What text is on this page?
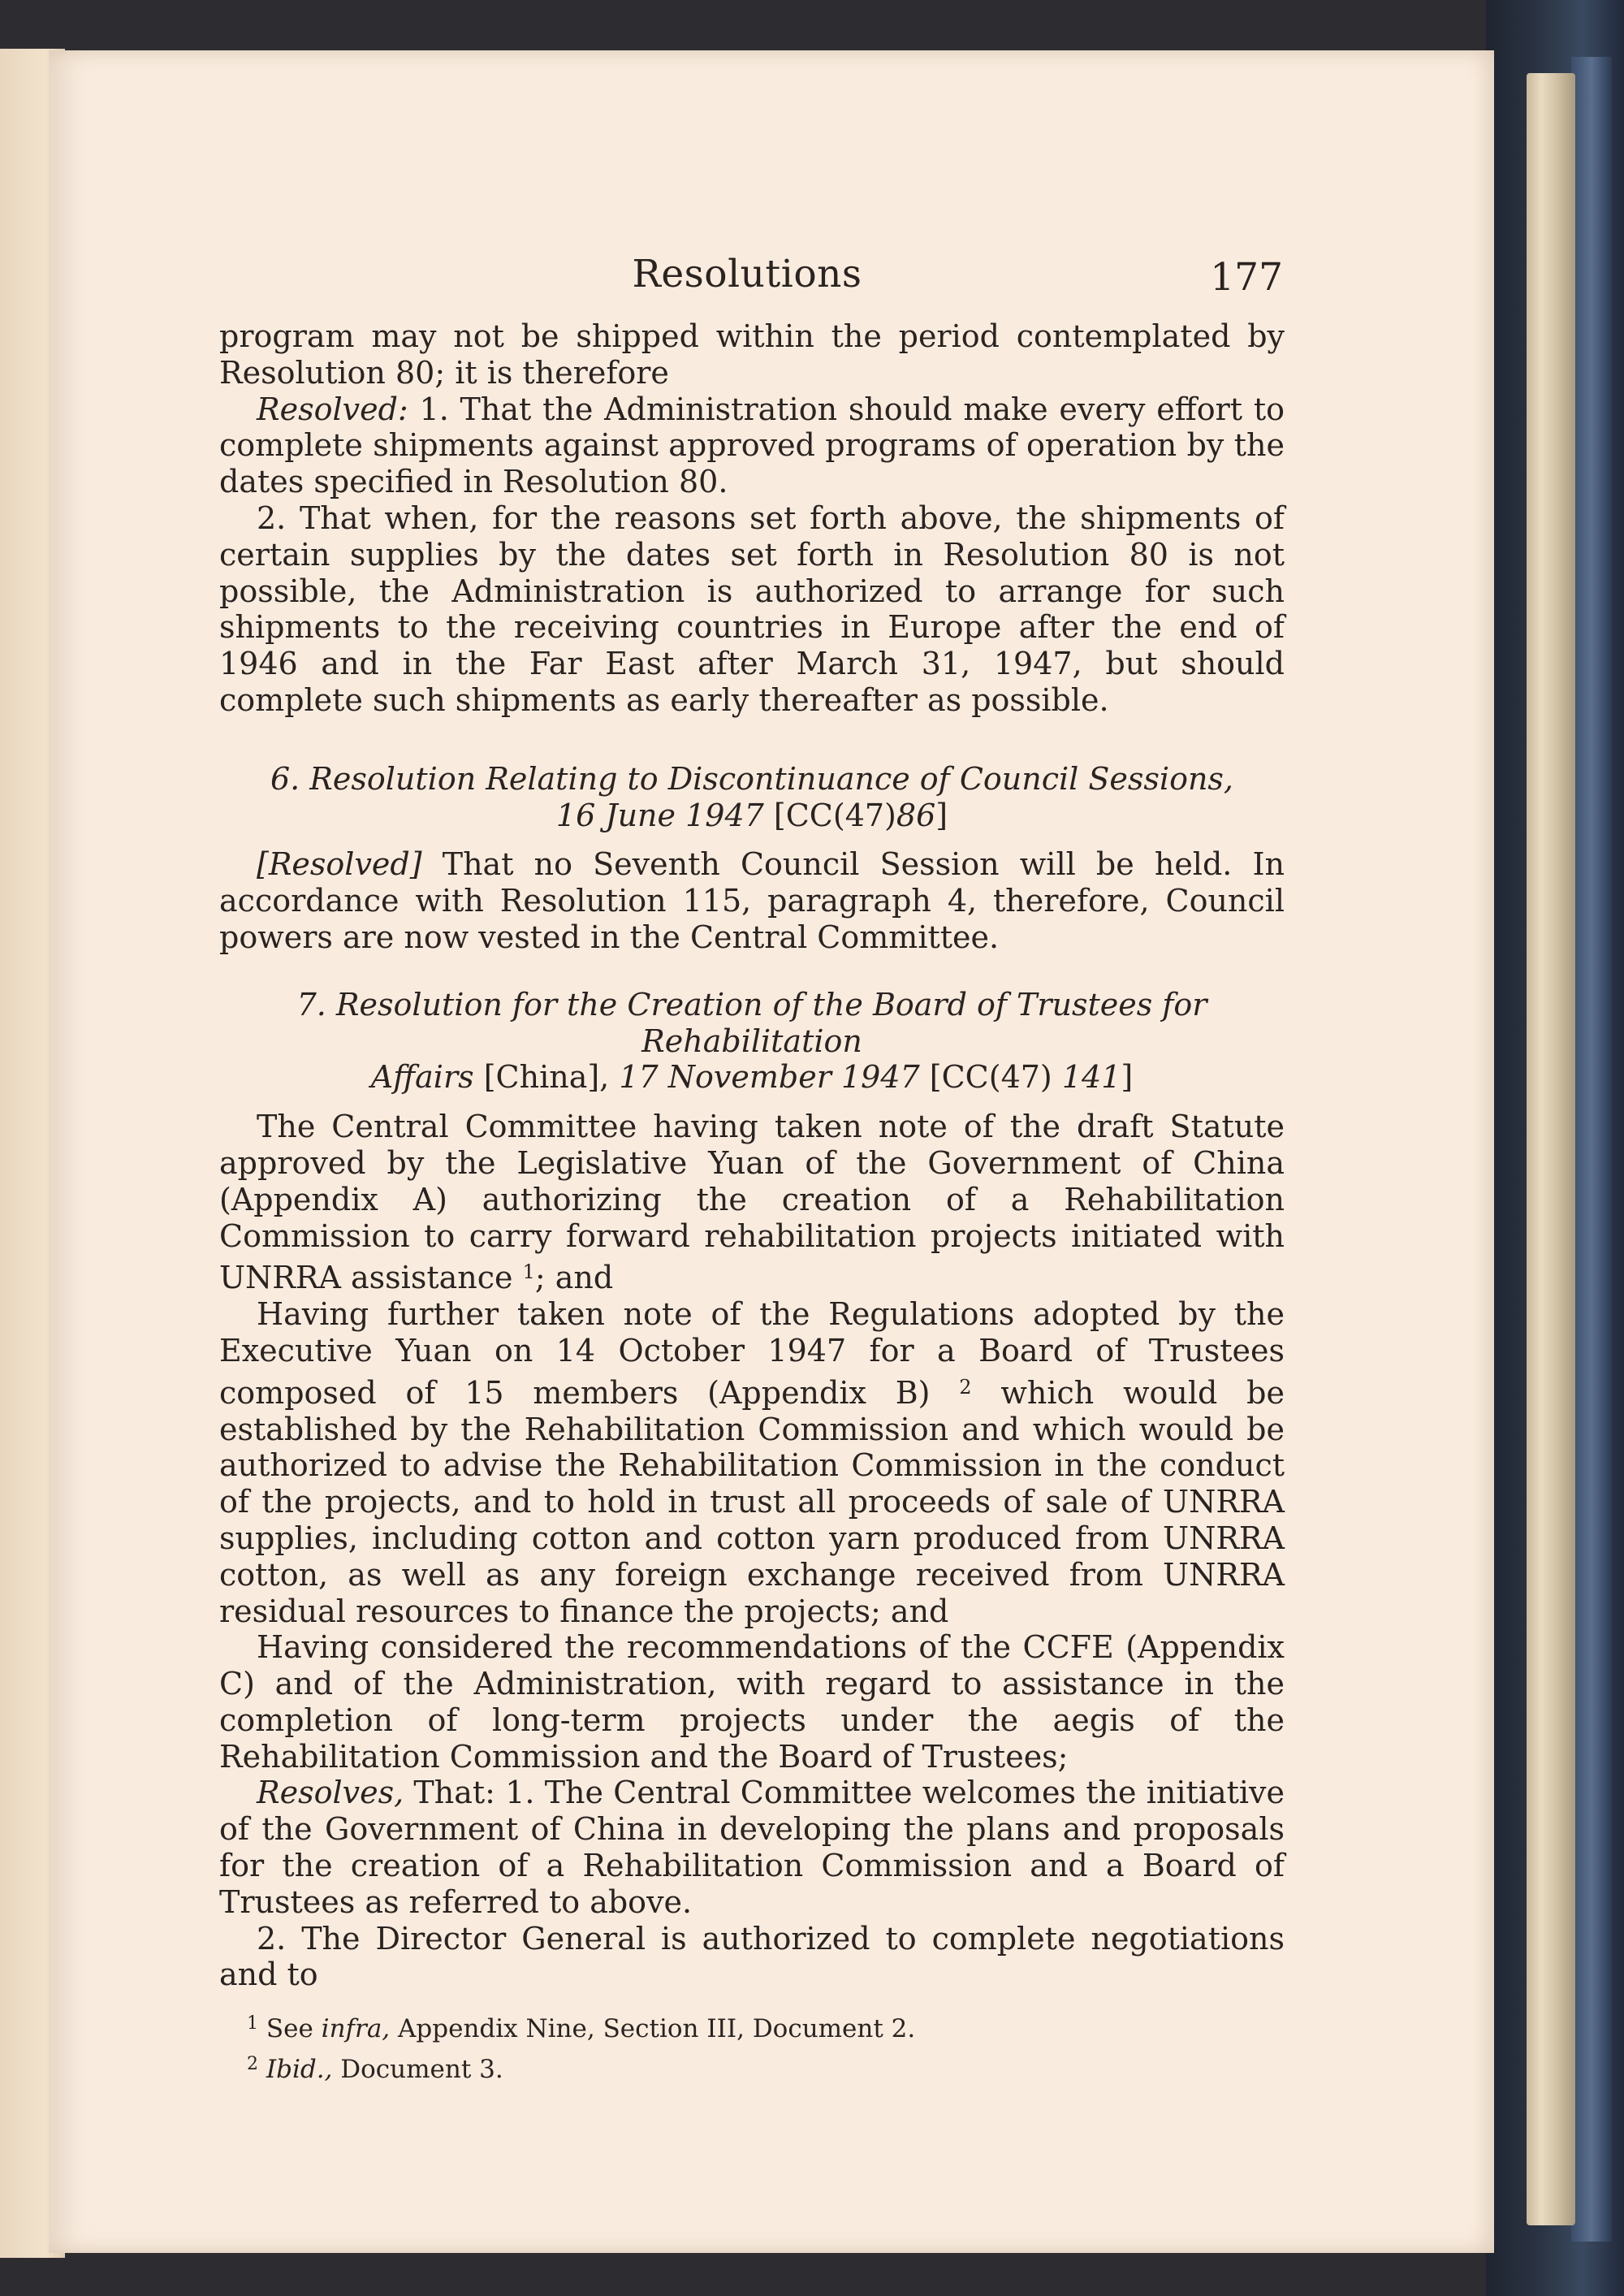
Resolutions	177

program may not be shipped within the period contemplated by Resolution 80; it is therefore

Resolved: 1. That the Administration should make every effort to complete shipments against approved programs of operation by the dates specified in Resolution 80.

2. That when, for the reasons set forth above, the shipments of certain supplies by the dates set forth in Resolution 80 is not possible, the Administration is authorized to arrange for such shipments to the receiving countries in Europe after the end of 1946 and in the Far East after March 31, 1947, but should complete such shipments as early thereafter as possible.

6. Resolution Relating to Discontinuance of Council Sessions,
16 June 1947 [CC(47)86]

[Resolved] That no Seventh Council Session will be held. In accordance with Resolution 115, paragraph 4, therefore, Council powers are now vested in the Central Committee.

7. Resolution for the Creation of the Board of Trustees for Rehabilitation
Affairs [China], 17 November 1947 [CC(47) 141]

The Central Committee having taken note of the draft Statute approved by the Legislative Yuan of the Government of China (Appendix A) authorizing the creation of a Rehabilitation Commission to carry forward rehabilitation projects initiated with UNRRA assistance $^1$; and

Having further taken note of the Regulations adopted by the Executive Yuan on 14 October 1947 for a Board of Trustees composed of 15 members (Appendix B) $^2$ which would be established by the Rehabilitation Commission and which would be authorized to advise the Rehabilitation Commission in the conduct of the projects, and to hold in trust all proceeds of sale of UNRRA supplies, including cotton and cotton yarn produced from UNRRA cotton, as well as any foreign exchange received from UNRRA residual resources to finance the projects; and

Having considered the recommendations of the CCFE (Appendix C) and of the Administration, with regard to assistance in the completion of long-term projects under the aegis of the Rehabilitation Commission and the Board of Trustees;

Resolves, That: 1. The Central Committee welcomes the initiative of the Government of China in developing the plans and proposals for the creation of a Rehabilitation Commission and a Board of Trustees as referred to above.

2. The Director General is authorized to complete negotiations and to

$^1$ See infra, Appendix Nine, Section III, Document 2.

$^2$ Ibid., Document 3.
